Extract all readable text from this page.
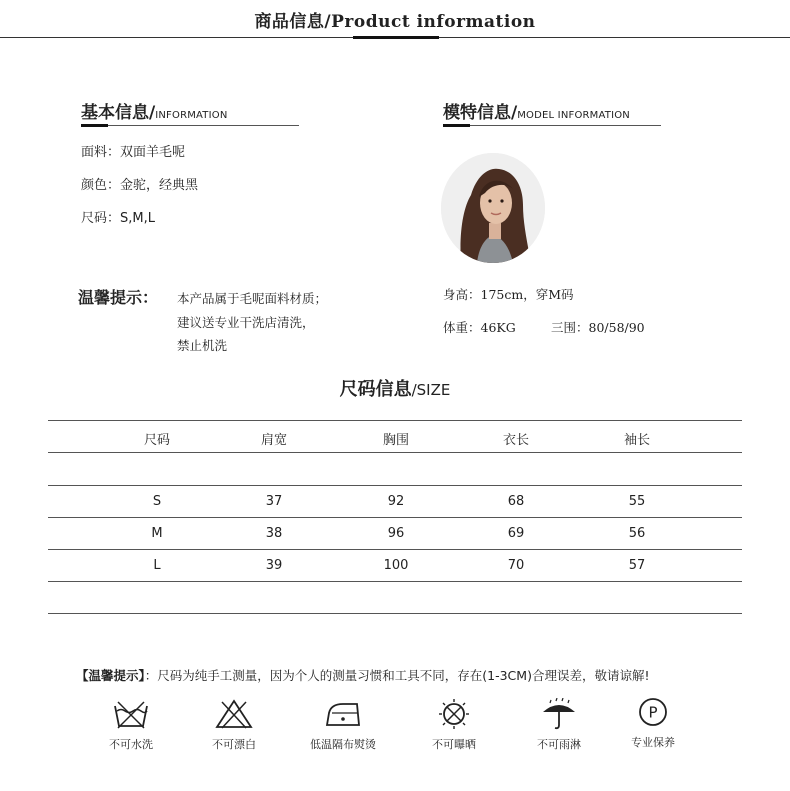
商品信息/Product information
基本信息 / INFORMATION
面料：双面羊毛呢
颜色：金驼，经典黑
尺码：S,M,L
模特信息 / MODEL INFORMATION
身高：175cm，穿M码
体重：46KG	三围：80/58/90
温馨提示： 本产品属于毛呢面料材质；
建议送专业干洗店清洗，
禁止机洗
尺码信息/SIZE
尺码	肩宽	胸围	衣长	袖长
S	37	92	68	55
M	38	96	69	56
L	39	100	70	57
【温馨提示】：尺码为纯手工测量，因为个人的测量习惯和工具不同，存在(1-3CM)合理误差，敬请谅解!
不可水洗	不可漂白	低温隔布熨烫	不可曝晒	不可雨淋
P
专业保养
